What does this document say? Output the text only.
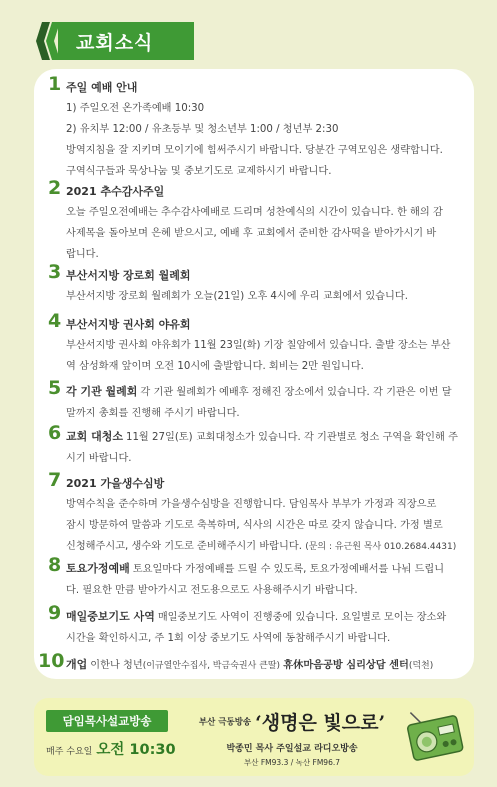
교회소식
1 주일 예배 안내
1) 주일오전 온가족예배 10:30
2) 유치부 12:00 / 유초등부 및 청소년부 1:00 / 청년부 2:30
방역지침을 잘 지키며 모이기에 힘써주시기 바랍니다. 당분간 구역모임은 생략합니다.
구역식구들과 묵상나눔 및 중보기도로 교제하시기 바랍니다.
2 2021 추수감사주일
오늘 주일오전예배는 추수감사예배로 드리며 성찬예식의 시간이 있습니다. 한 해의 감
사제목을 돌아보며 은혜 받으시고, 예배 후 교회에서 준비한 감사떡을 받아가시기 바
랍니다.
3 부산서지방 장로회 월례회
부산서지방 장로회 월례회가 오늘(21일) 오후 4시에 우리 교회에서 있습니다.
4 부산서지방 권사회 야유회
부산서지방 권사회 야유회가 11월 23일(화) 기장 칠암에서 있습니다. 출발 장소는 부산
역 삼성화재 앞이며 오전 10시에 출발합니다. 회비는 2만 원입니다.
5 각 기관 월례회 각 기관 월례회가 예배후 정해진 장소에서 있습니다. 각 기관은 이번 달
말까지 총회를 진행해 주시기 바랍니다.
6 교회 대청소 11월 27일(토) 교회대청소가 있습니다. 각 기관별로 청소 구역을 확인해 주
시기 바랍니다.
7 2021 가을생수심방
방역수칙을 준수하며 가을생수심방을 진행합니다. 담임목사 부부가 가정과 직장으로
잠시 방문하여 말씀과 기도로 축복하며, 식사의 시간은 따로 갖지 않습니다. 가정 별로
신청해주시고, 생수와 기도로 준비해주시기 바랍니다. (문의 : 유근원 목사 010.2684.4431)
8 토요가정예배 토요일마다 가정예배를 드릴 수 있도록, 토요가정예배서를 나눠 드립니
다. 필요한 만큼 받아가시고 전도용으로도 사용해주시기 바랍니다.
9 매일중보기도 사역 매일중보기도 사역이 진행중에 있습니다. 요일별로 모이는 장소와
시간을 확인하시고, 주 1회 이상 중보기도 사역에 동참해주시기 바랍니다.
10 개업 이한나 청년(이규열안수집사, 박금숙권사 큰딸) 휴休마음공방 심리상담 센터(덕천)
담임목사설교방송
매주 수요일 오전 10:30
부산 극동방송 ‘생명은 빛으로’
박종민 목사 주일설교 라디오방송
부산 FM93.3 / 녹산 FM96.7
